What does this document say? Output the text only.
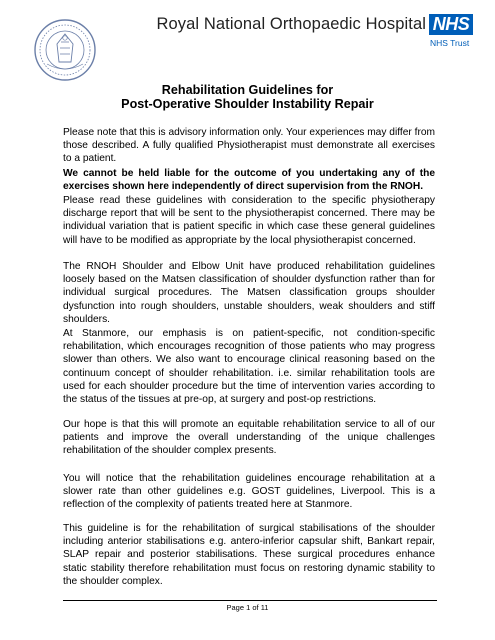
Royal National Orthopaedic Hospital NHS
NHS Trust
Rehabilitation Guidelines for
Post-Operative Shoulder Instability Repair

Please note that this is advisory information only. Your experiences may differ from those described. A fully qualified Physiotherapist must demonstrate all exercises to a patient.

We cannot be held liable for the outcome of you undertaking any of the exercises shown here independently of direct supervision from the RNOH.

Please read these guidelines with consideration to the specific physiotherapy discharge report that will be sent to the physiotherapist concerned. There may be individual variation that is patient specific in which case these general guidelines will have to be modified as appropriate by the local physiotherapist concerned.

The RNOH Shoulder and Elbow Unit have produced rehabilitation guidelines loosely based on the Matsen classification of shoulder dysfunction rather than for individual surgical procedures. The Matsen classification groups shoulder dysfunction into rough shoulders, unstable shoulders, weak shoulders and stiff shoulders.

At Stanmore, our emphasis is on patient-specific, not condition-specific rehabilitation, which encourages recognition of those patients who may progress slower than others. We also want to encourage clinical reasoning based on the continuum concept of shoulder rehabilitation. i.e. similar rehabilitation tools are used for each shoulder procedure but the time of intervention varies according to the status of the tissues at pre-op, at surgery and post-op restrictions.

Our hope is that this will promote an equitable rehabilitation service to all of our patients and improve the overall understanding of the unique challenges rehabilitation of the shoulder complex presents.

You will notice that the rehabilitation guidelines encourage rehabilitation at a slower rate than other guidelines e.g. GOST guidelines, Liverpool. This is a reflection of the complexity of patients treated here at Stanmore.

This guideline is for the rehabilitation of surgical stabilisations of the shoulder including anterior stabilisations e.g. antero-inferior capsular shift, Bankart repair, SLAP repair and posterior stabilisations. These surgical procedures enhance static stability therefore rehabilitation must focus on restoring dynamic stability to the shoulder complex.

Page 1 of 11
